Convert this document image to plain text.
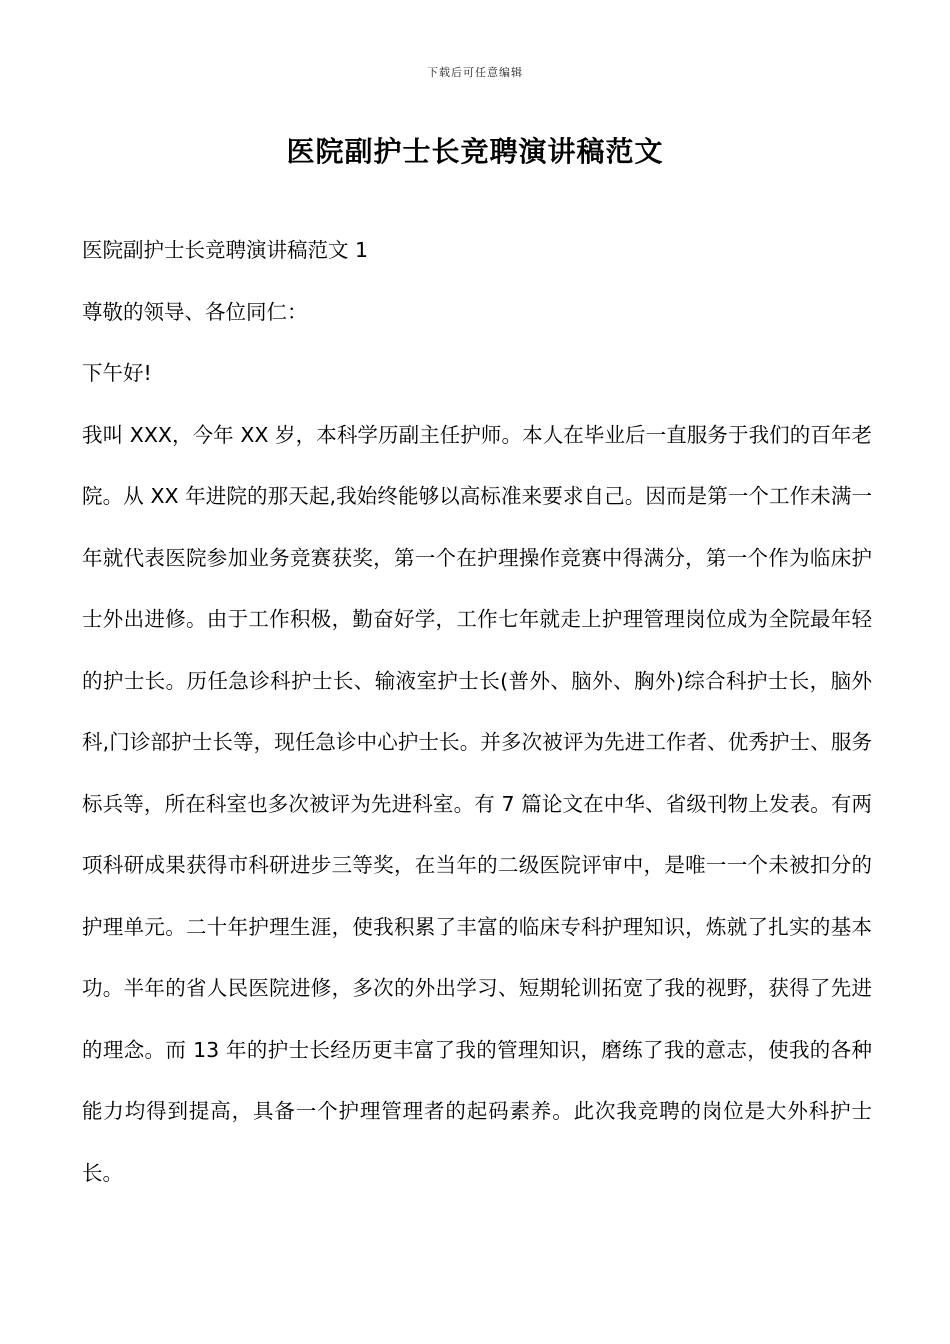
下载后可任意编辑
医院副护士长竞聘演讲稿范文

医院副护士长竞聘演讲稿范文 1

尊敬的领导、各位同仁：

下午好!

我叫 XXX，今年 XX 岁，本科学历副主任护师。本人在毕业后一直服务于我们的百年老院。从 XX 年进院的那天起,我始终能够以高标准来要求自己。因而是第一个工作未满一年就代表医院参加业务竞赛获奖，第一个在护理操作竞赛中得满分，第一个作为临床护士外出进修。由于工作积极，勤奋好学，工作七年就走上护理管理岗位成为全院最年轻的护士长。历任急诊科护士长、输液室护士长(普外、脑外、胸外)综合科护士长，脑外科,门诊部护士长等，现任急诊中心护士长。并多次被评为先进工作者、优秀护士、服务标兵等，所在科室也多次被评为先进科室。有 7 篇论文在中华、省级刊物上发表。有两项科研成果获得市科研进步三等奖，在当年的二级医院评审中，是唯一一个未被扣分的护理单元。二十年护理生涯，使我积累了丰富的临床专科护理知识，炼就了扎实的基本功。半年的省人民医院进修，多次的外出学习、短期轮训拓宽了我的视野，获得了先进的理念。而 13 年的护士长经历更丰富了我的管理知识，磨练了我的意志，使我的各种能力均得到提高，具备一个护理管理者的起码素养。此次我竞聘的岗位是大外科护士长。
